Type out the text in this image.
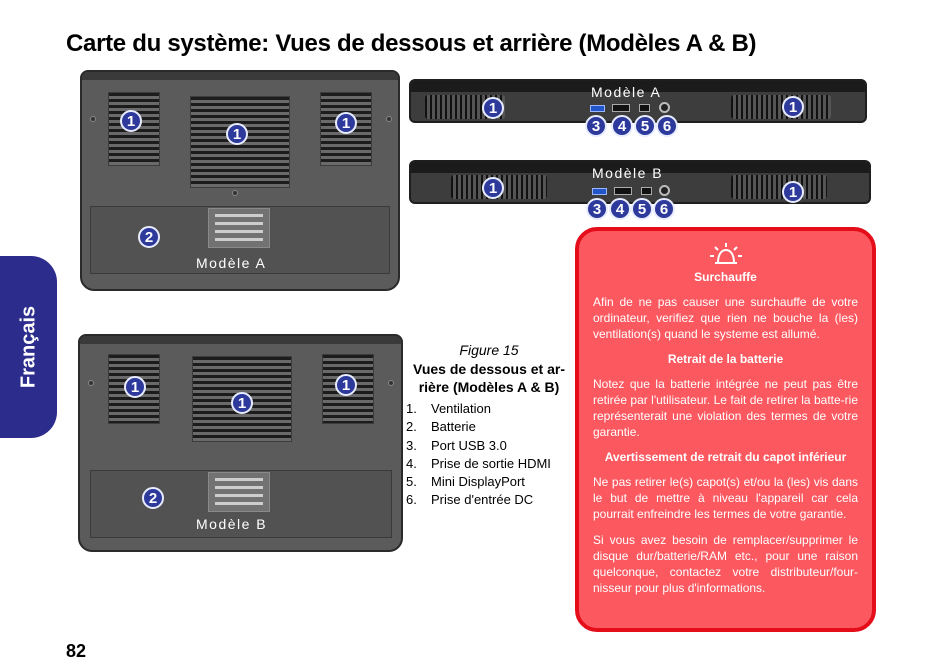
Carte du système: Vues de dessous et arrière (Modèles A & B)
Français
1
1
1
2
Modèle A
1
1
1
2
Modèle B
Modèle A
1	1
3	4 5 6
Modèle B
1	1
3 4 5 6
Figure 15
Vues de dessous et ar-rière (Modèles A & B)
1.	Ventilation
2.	Batterie
3.	Port USB 3.0
4.	Prise de sortie HDMI
5.	Mini DisplayPort
6.	Prise d'entrée DC
Surchauffe

Afin de ne pas causer une surchauffe de votre ordinateur, verifiez que rien ne bouche la (les) ventilation(s) quand le systeme est allumé.

Retrait de la batterie

Notez que la batterie intégrée ne peut pas être retirée par l'utilisateur. Le fait de retirer la batte-rie représenterait une violation des termes de votre garantie.

Avertissement de retrait du capot inférieur

Ne pas retirer le(s) capot(s) et/ou la (les) vis dans le but de mettre à niveau l'appareil car cela pourrait enfreindre les termes de votre garantie.

Si vous avez besoin de remplacer/supprimer le disque dur/batterie/RAM etc., pour une raison quelconque, contactez votre distributeur/four-nisseur pour plus d'informations.

82
